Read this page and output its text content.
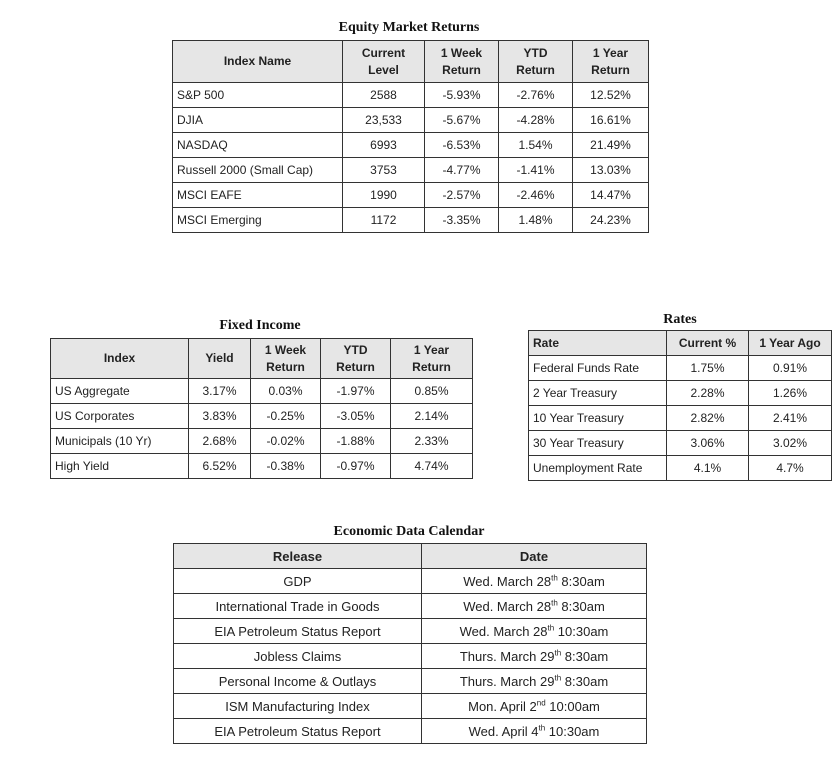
Equity Market Returns
Index Name	Current Level	1 Week Return	YTD Return	1 Year Return
S&P 500	2588	-5.93%	-2.76%	12.52%
DJIA	23,533	-5.67%	-4.28%	16.61%
NASDAQ	6993	-6.53%	1.54%	21.49%
Russell 2000 (Small Cap)	3753	-4.77%	-1.41%	13.03%
MSCI EAFE	1990	-2.57%	-2.46%	14.47%
MSCI Emerging	1172	-3.35%	1.48%	24.23%
Fixed Income
Index	Yield	1 Week Return	YTD Return	1 Year Return
US Aggregate	3.17%	0.03%	-1.97%	0.85%
US Corporates	3.83%	-0.25%	-3.05%	2.14%
Municipals (10 Yr)	2.68%	-0.02%	-1.88%	2.33%
High Yield	6.52%	-0.38%	-0.97%	4.74%
Rates
Rate	Current %	1 Year Ago
Federal Funds Rate	1.75%	0.91%
2 Year Treasury	2.28%	1.26%
10 Year Treasury	2.82%	2.41%
30 Year Treasury	3.06%	3.02%
Unemployment Rate	4.1%	4.7%
Economic Data Calendar
Release	Date
GDP	Wed. March 28th 8:30am
International Trade in Goods	Wed. March 28th 8:30am
EIA Petroleum Status Report	Wed. March 28th 10:30am
Jobless Claims	Thurs. March 29th 8:30am
Personal Income & Outlays	Thurs. March 29th 8:30am
ISM Manufacturing Index	Mon. April 2nd 10:00am
EIA Petroleum Status Report	Wed. April 4th 10:30am
